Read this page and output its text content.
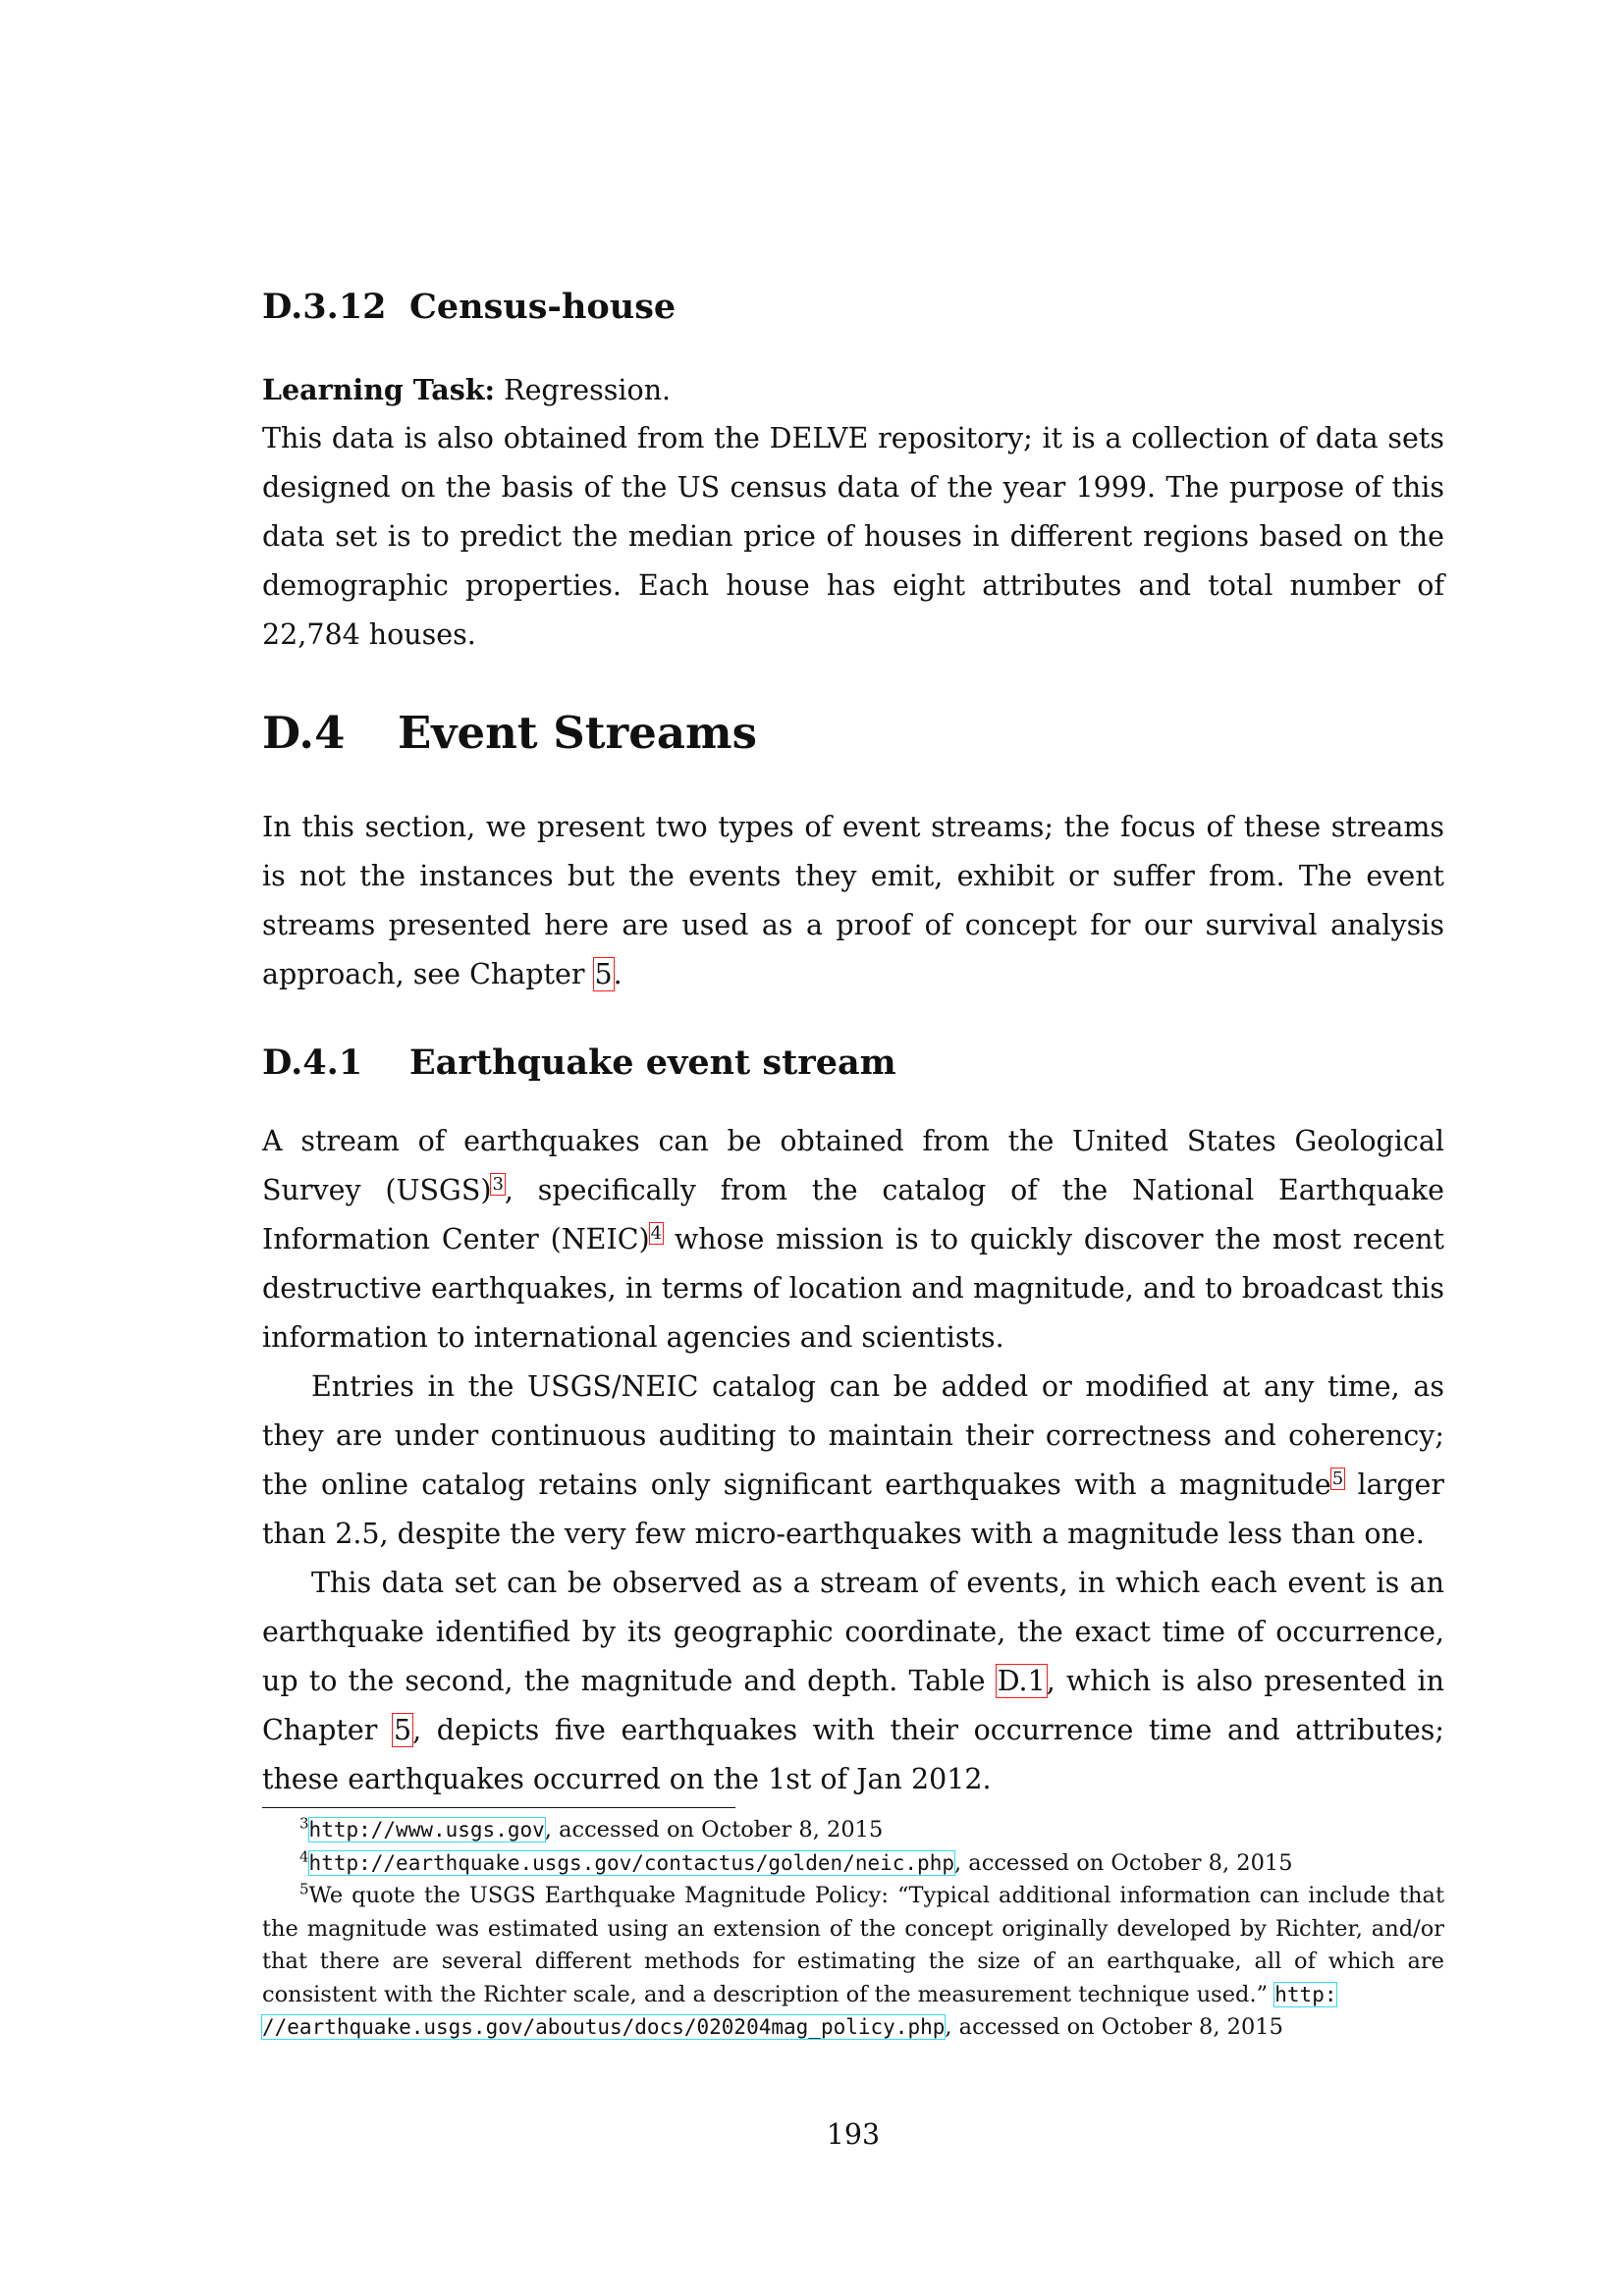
D.3.12 Census-house

Learning Task: Regression.

This data is also obtained from the DELVE repository; it is a collection of data sets designed on the basis of the US census data of the year 1999. The purpose of this data set is to predict the median price of houses in different regions based on the demographic properties. Each house has eight attributes and total number of 22,784 houses.

D.4 Event Streams

In this section, we present two types of event streams; the focus of these streams is not the instances but the events they emit, exhibit or suffer from. The event streams presented here are used as a proof of concept for our survival analysis approach, see Chapter 5.

D.4.1 Earthquake event stream

A stream of earthquakes can be obtained from the United States Geological Survey (USGS)$^3$, specifically from the catalog of the National Earthquake Information Center (NEIC)$^4$ whose mission is to quickly discover the most recent destructive earthquakes, in terms of location and magnitude, and to broadcast this information to international agencies and scientists.

Entries in the USGS/NEIC catalog can be added or modified at any time, as they are under continuous auditing to maintain their correctness and coherency; the online catalog retains only significant earthquakes with a magnitude$^5$ larger than 2.5, despite the very few micro-earthquakes with a magnitude less than one.

This data set can be observed as a stream of events, in which each event is an earthquake identified by its geographic coordinate, the exact time of occurrence, up to the second, the magnitude and depth. Table D.1, which is also presented in Chapter 5, depicts five earthquakes with their occurrence time and attributes; these earthquakes occurred on the 1st of Jan 2012.

$^3$http://www.usgs.gov, accessed on October 8, 2015

$^4$http://earthquake.usgs.gov/contactus/golden/neic.php, accessed on October 8, 2015

$^5$We quote the USGS Earthquake Magnitude Policy: “Typical additional information can include that the magnitude was estimated using an extension of the concept originally developed by Richter, and/or that there are several different methods for estimating the size of an earthquake, all of which are consistent with the Richter scale, and a description of the measurement technique used.” http:
//earthquake.usgs.gov/aboutus/docs/020204mag_policy.php, accessed on October 8, 2015

193
